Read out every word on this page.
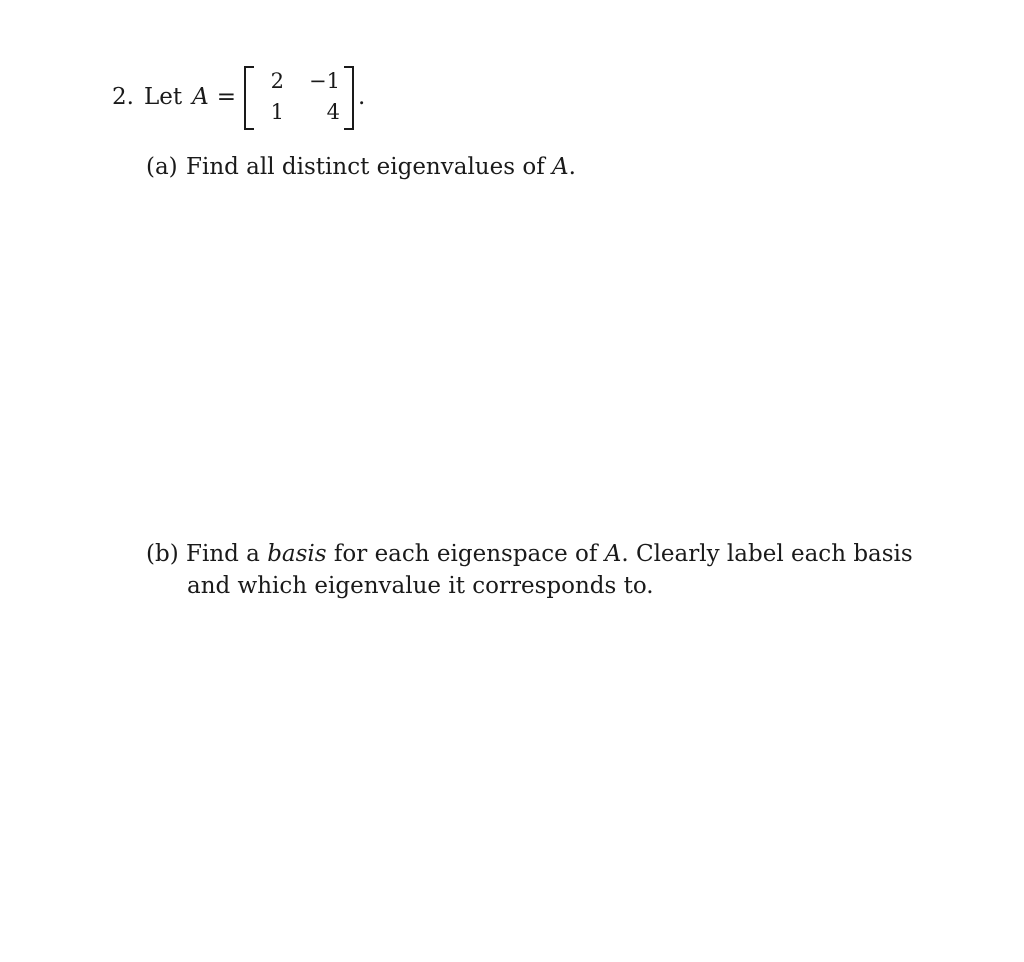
2. Let A =
2 −1
1	4
.
(a) Find all distinct eigenvalues of A.
(b) Find a basis for each eigenspace of A. Clearly label each basis
and which eigenvalue it corresponds to.
